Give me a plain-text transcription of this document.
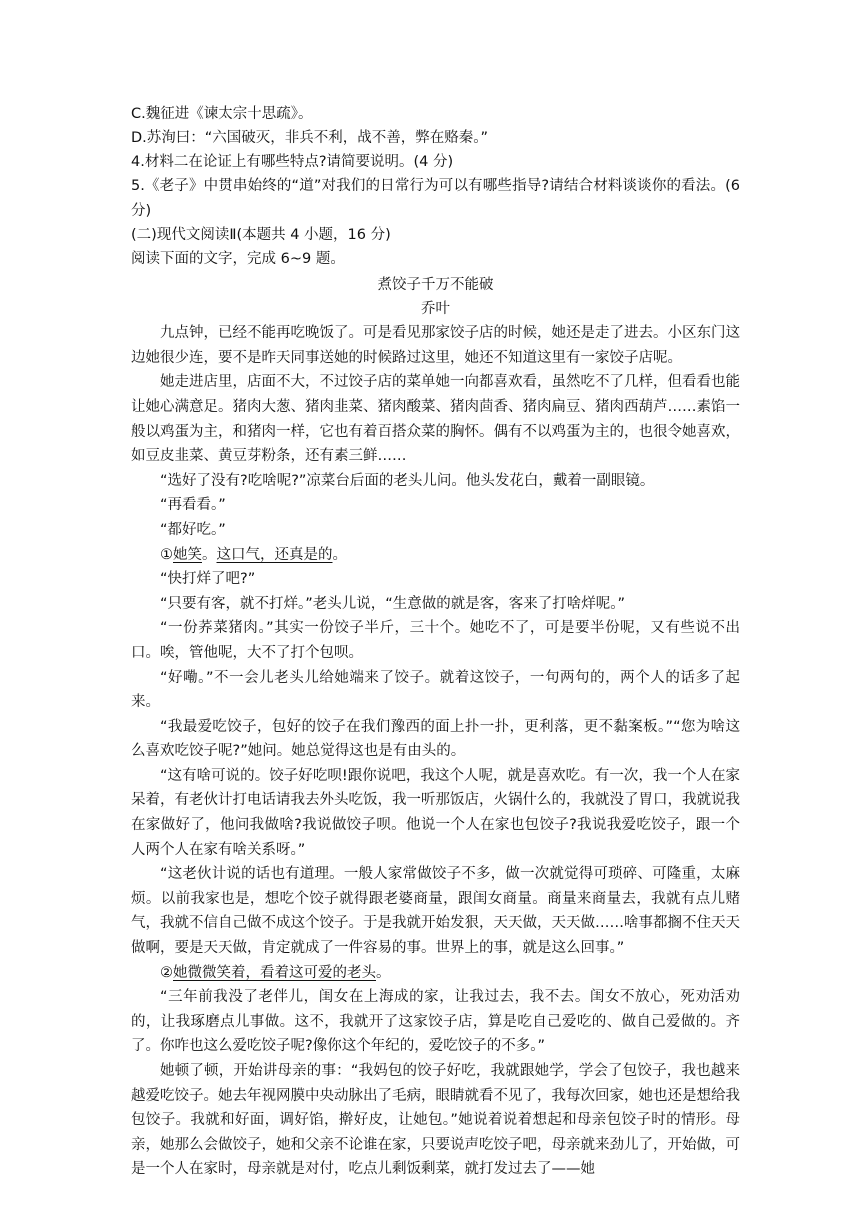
C.魏征进《谏太宗十思疏》。

D.苏洵曰：“六国破灭，非兵不利，战不善，弊在赂秦。”

4.材料二在论证上有哪些特点?请简要说明。(4 分)

5.《老子》中贯串始终的“道”对我们的日常行为可以有哪些指导?请结合材料谈谈你的看法。(6 分)

(二)现代文阅读Ⅱ(本题共 4 小题，16 分)

阅读下面的文字，完成 6~9 题。

煮饺子千万不能破

乔叶

九点钟，已经不能再吃晚饭了。可是看见那家饺子店的时候，她还是走了进去。小区东门这边她很少连，要不是昨天同事送她的时候路过这里，她还不知道这里有一家饺子店呢。

她走进店里，店面不大，不过饺子店的菜单她一向都喜欢看，虽然吃不了几样，但看看也能让她心满意足。猪肉大葱、猪肉韭菜、猪肉酸菜、猪肉茴香、猪肉扁豆、猪肉西葫芦……素馅一般以鸡蛋为主，和猪肉一样，它也有着百搭众菜的胸怀。偶有不以鸡蛋为主的，也很令她喜欢，如豆皮韭菜、黄豆芽粉条，还有素三鲜……

“选好了没有?吃啥呢?”凉菜台后面的老头儿问。他头发花白，戴着一副眼镜。

“再看看。”

“都好吃。”

①她笑。这口气，还真是的。

“快打烊了吧?”

“只要有客，就不打烊。”老头儿说，“生意做的就是客，客来了打啥烊呢。”

“一份荞菜猪肉。”其实一份饺子半斤，三十个。她吃不了，可是要半份呢，又有些说不出口。唉，管他呢，大不了打个包呗。

“好嘞。”不一会儿老头儿给她端来了饺子。就着这饺子，一句两句的，两个人的话多了起来。

“我最爱吃饺子，包好的饺子在我们豫西的面上扑一扑，更利落，更不黏案板。”“您为啥这么喜欢吃饺子呢?”她问。她总觉得这也是有由头的。

“这有啥可说的。饺子好吃呗!跟你说吧，我这个人呢，就是喜欢吃。有一次，我一个人在家呆着，有老伙计打电话请我去外头吃饭，我一听那饭店，火锅什么的，我就没了胃口，我就说我在家做好了，他问我做啥?我说做饺子呗。他说一个人在家也包饺子?我说我爱吃饺子，跟一个人两个人在家有啥关系呀。”

“这老伙计说的话也有道理。一般人家常做饺子不多，做一次就觉得可琐碎、可隆重，太麻烦。以前我家也是，想吃个饺子就得跟老婆商量，跟闺女商量。商量来商量去，我就有点儿赌气，我就不信自己做不成这个饺子。于是我就开始发狠，天天做，天天做……啥事都搁不住天天做啊，要是天天做，肯定就成了一件容易的事。世界上的事，就是这么回事。”

②她微微笑着，看着这可爱的老头。

“三年前我没了老伴儿，闺女在上海成的家，让我过去，我不去。闺女不放心，死劝活劝的，让我琢磨点儿事做。这不，我就开了这家饺子店，算是吃自己爱吃的、做自己爱做的。齐了。你咋也这么爱吃饺子呢?像你这个年纪的，爱吃饺子的不多。”

她顿了顿，开始讲母亲的事：“我妈包的饺子好吃，我就跟她学，学会了包饺子，我也越来越爱吃饺子。她去年视网膜中央动脉出了毛病，眼睛就看不见了，我每次回家，她也还是想给我包饺子。我就和好面，调好馅，擀好皮，让她包。”她说着说着想起和母亲包饺子时的情形。母亲，她那么会做饺子，她和父亲不论谁在家，只要说声吃饺子吧，母亲就来劲儿了，开始做，可是一个人在家时，母亲就是对付，吃点儿剩饭剩菜，就打发过去了——她
